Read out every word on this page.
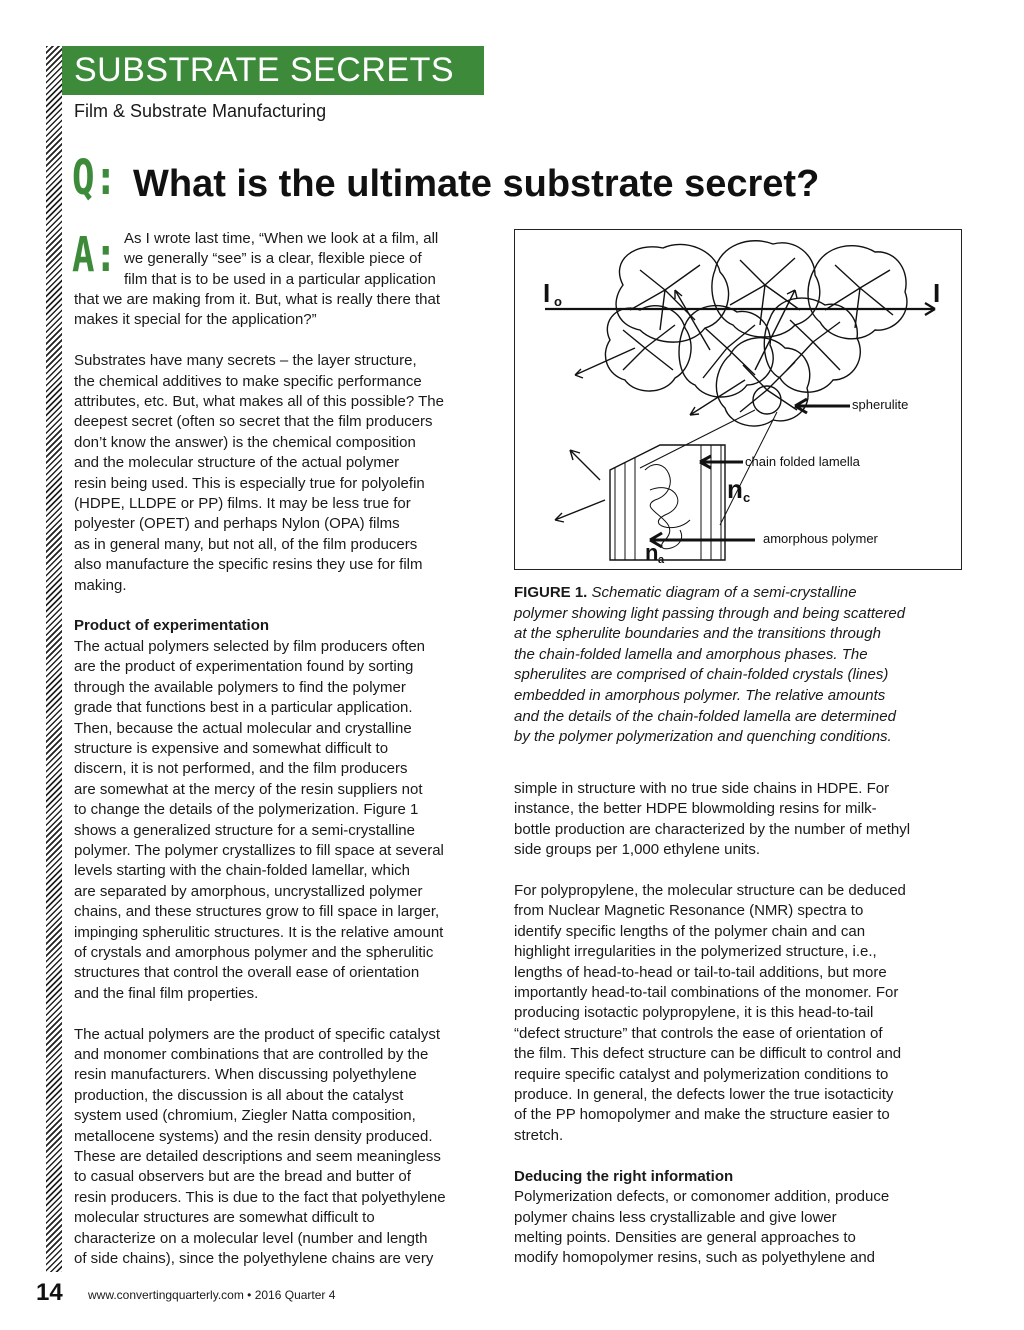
SUBSTRATE SECRETS
Film & Substrate Manufacturing
Q: What is the ultimate substrate secret?
A: As I wrote last time, “When we look at a film, all

we generally “see” is a clear, flexible piece of

film that is to be used in a particular application

that we are making from it. But, what is really there that

makes it special for the application?”

Substrates have many secrets – the layer structure,

the chemical additives to make specific performance

attributes, etc. But, what makes all of this possible? The

deepest secret (often so secret that the film producers

don’t know the answer) is the chemical composition

and the molecular structure of the actual polymer

resin being used. This is especially true for polyolefin

(HDPE, LLDPE or PP) films. It may be less true for

polyester (OPET) and perhaps Nylon (OPA) films

as in general many, but not all, of the film producers

also manufacture the specific resins they use for film

making.

Product of experimentation

The actual polymers selected by film producers often

are the product of experimentation found by sorting

through the available polymers to find the polymer

grade that functions best in a particular application.

Then, because the actual molecular and crystalline

structure is expensive and somewhat difficult to

discern, it is not performed, and the film producers

are somewhat at the mercy of the resin suppliers not

to change the details of the polymerization. Figure 1

shows a generalized structure for a semi-crystalline

polymer. The polymer crystallizes to fill space at several

levels starting with the chain-folded lamellar, which

are separated by amorphous, uncrystallized polymer

chains, and these structures grow to fill space in larger,

impinging spherulitic structures. It is the relative amount

of crystals and amorphous polymer and the spherulitic

structures that control the overall ease of orientation

and the final film properties.

The actual polymers are the product of specific catalyst

and monomer combinations that are controlled by the

resin manufacturers. When discussing polyethylene

production, the discussion is all about the catalyst

system used (chromium, Ziegler Natta composition,

metallocene systems) and the resin density produced.

These are detailed descriptions and seem meaningless

to casual observers but are the bread and butter of

resin producers. This is due to the fact that polyethylene

molecular structures are somewhat difficult to

characterize on a molecular level (number and length

of side chains), since the polyethylene chains are very

I o	I
spherulite
chain folded lamella
n c
amorphous polymer
n a
FIGURE 1. Schematic diagram of a semi-crystalline
polymer showing light passing through and being scattered
at the spherulite boundaries and the transitions through
the chain-folded lamella and amorphous phases. The
spherulites are comprised of chain-folded crystals (lines)
embedded in amorphous polymer. The relative amounts
and the details of the chain-folded lamella are determined
by the polymer polymerization and quenching conditions.

simple in structure with no true side chains in HDPE. For

instance, the better HDPE blowmolding resins for milk-

bottle production are characterized by the number of methyl

side groups per 1,000 ethylene units.

For polypropylene, the molecular structure can be deduced

from Nuclear Magnetic Resonance (NMR) spectra to

identify specific lengths of the polymer chain and can

highlight irregularities in the polymerized structure, i.e.,

lengths of head-to-head or tail-to-tail additions, but more

importantly head-to-tail combinations of the monomer. For

producing isotactic polypropylene, it is this head-to-tail

“defect structure” that controls the ease of orientation of

the film. This defect structure can be difficult to control and

require specific catalyst and polymerization conditions to

produce. In general, the defects lower the true isotacticity

of the PP homopolymer and make the structure easier to

stretch.

Deducing the right information

Polymerization defects, or comonomer addition, produce

polymer chains less crystallizable and give lower

melting points. Densities are general approaches to

modify homopolymer resins, such as polyethylene and

14 www.convertingquarterly.com • 2016 Quarter 4
